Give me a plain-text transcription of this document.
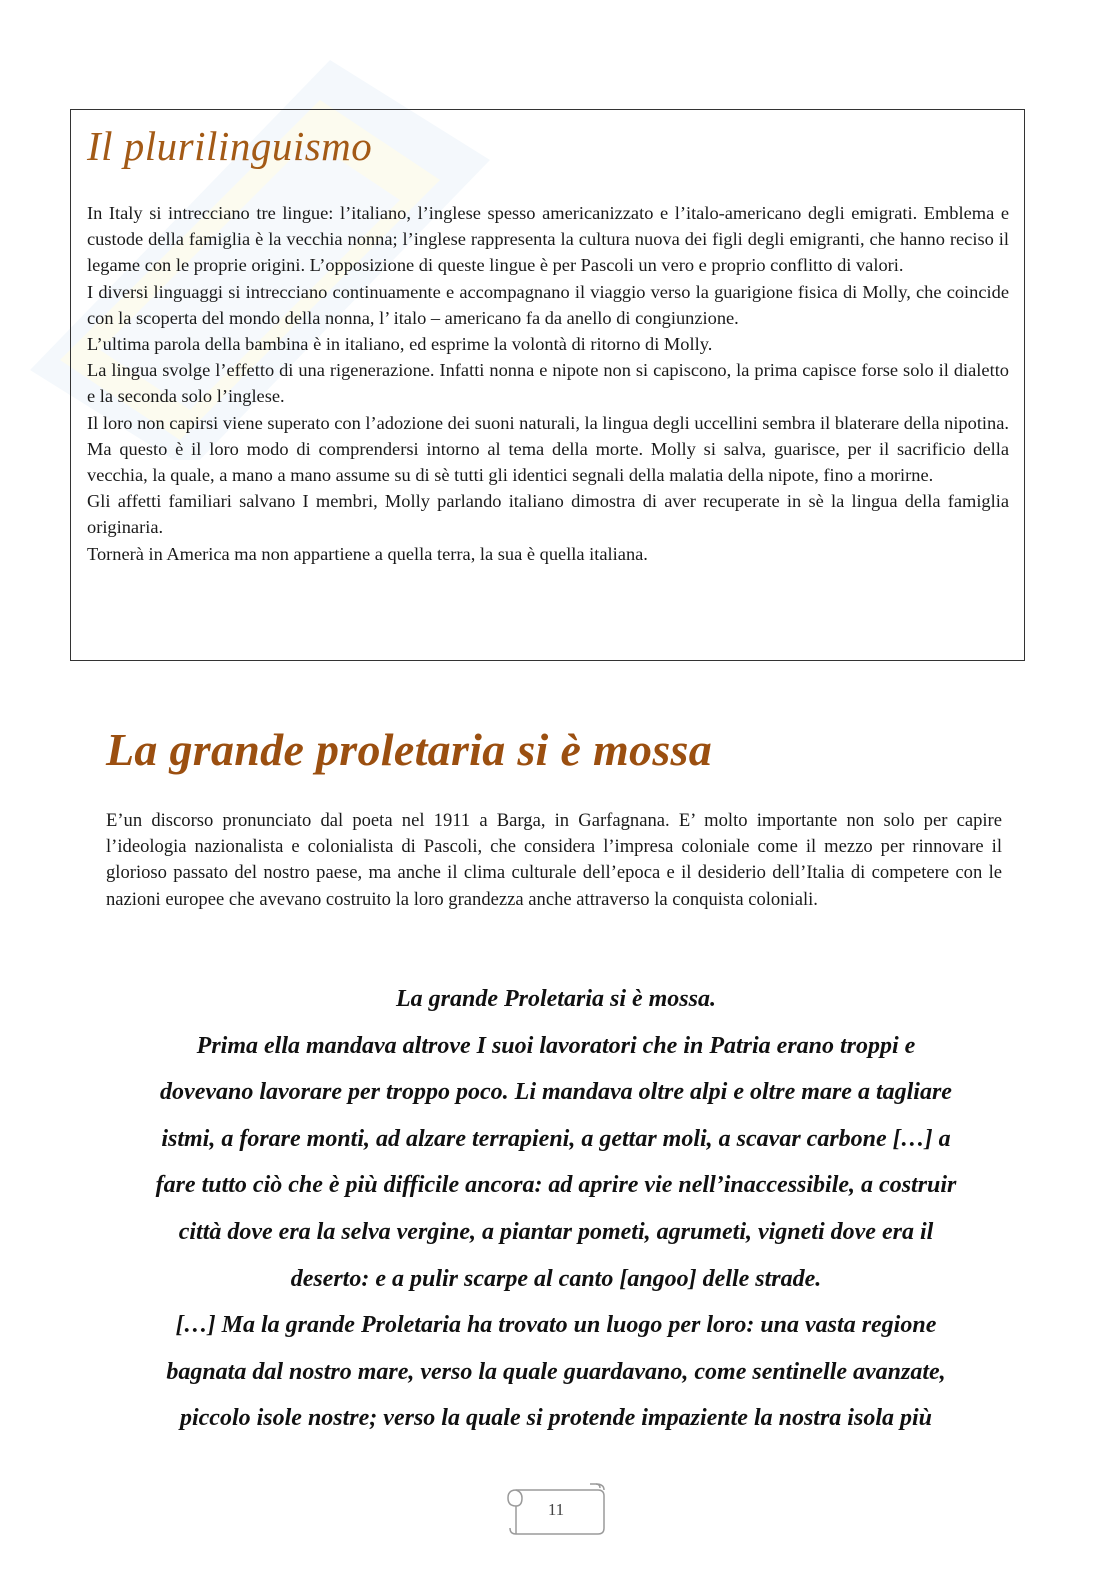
Il plurilinguismo

In Italy si intrecciano tre lingue: l’italiano, l’inglese spesso americanizzato e l’italo-americano degli emigrati. Emblema e custode della famiglia è la vecchia nonna; l’inglese rappresenta la cultura nuova dei figli degli emigranti, che hanno reciso il legame con le proprie origini. L’opposizione di queste lingue è per Pascoli un vero e proprio conflitto di valori.

I diversi linguaggi si intrecciano continuamente e accompagnano il viaggio verso la guarigione fisica di Molly, che coincide con la scoperta del mondo della nonna, l’ italo – americano fa da anello di congiunzione.

L’ultima parola della bambina è in italiano, ed esprime la volontà di ritorno di Molly.

La lingua svolge l’effetto di una rigenerazione. Infatti nonna e nipote non si capiscono, la prima capisce forse solo il dialetto e la seconda solo l’inglese.

Il loro non capirsi viene superato con l’adozione dei suoni naturali, la lingua degli uccellini sembra il blaterare della nipotina. Ma questo è il loro modo di comprendersi intorno al tema della morte. Molly si salva, guarisce, per il sacrificio della vecchia, la quale, a mano a mano assume su di sè tutti gli identici segnali della malatia della nipote, fino a morirne.

Gli affetti familiari salvano I membri, Molly parlando italiano dimostra di aver recuperate in sè la lingua della famiglia originaria.

Tornerà in America ma non appartiene a quella terra, la sua è quella italiana.

La grande proletaria si è mossa

E’un discorso pronunciato dal poeta nel 1911 a Barga, in Garfagnana. E’ molto importante non solo per capire l’ideologia nazionalista e colonialista di Pascoli, che considera l’impresa coloniale come il mezzo per rinnovare il glorioso passato del nostro paese, ma anche il clima culturale dell’epoca e il desiderio dell’Italia di competere con le nazioni europee che avevano costruito la loro grandezza anche attraverso la conquista coloniali.

La grande Proletaria si è mossa.
Prima ella mandava altrove I suoi lavoratori che in Patria erano troppi e
dovevano lavorare per troppo poco. Li mandava oltre alpi e oltre mare a tagliare
istmi, a forare monti, ad alzare terrapieni, a gettar moli, a scavar carbone […] a
fare tutto ciò che è più difficile ancora: ad aprire vie nell’inaccessibile, a costruir
città dove era la selva vergine, a piantar pometi, agrumeti, vigneti dove era il
deserto: e a pulir scarpe al canto [angoo] delle strade.
[…] Ma la grande Proletaria ha trovato un luogo per loro: una vasta regione
bagnata dal nostro mare, verso la quale guardavano, come sentinelle avanzate,
piccolo isole nostre; verso la quale si protende impaziente la nostra isola più
11
